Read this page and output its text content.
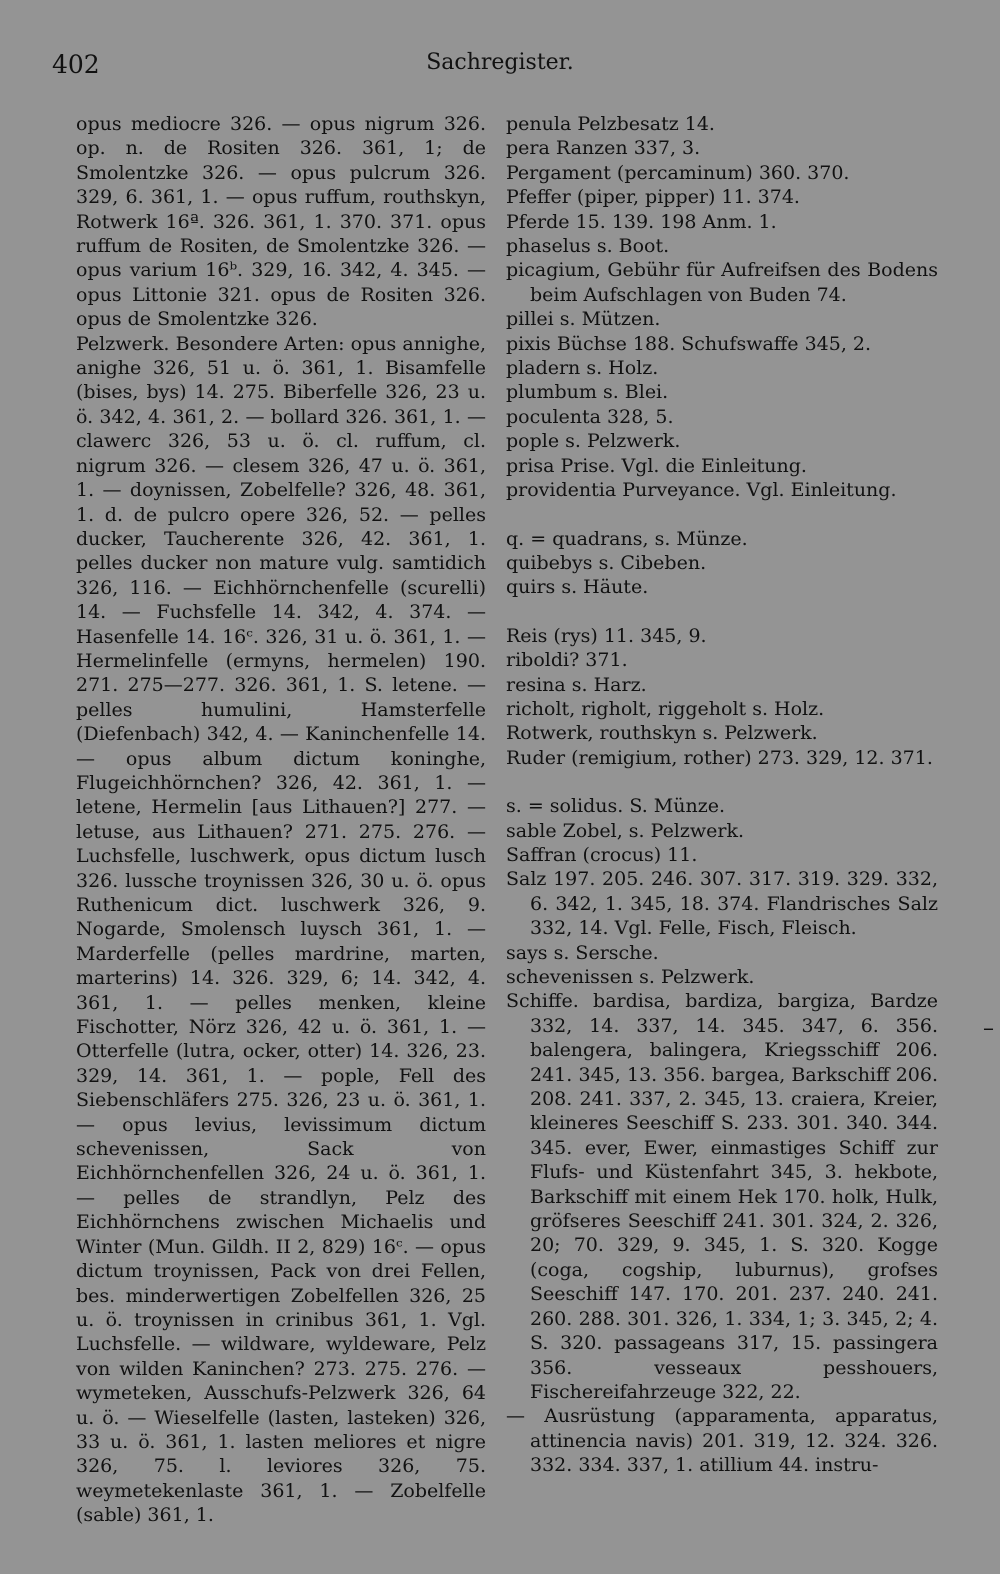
402	Sachregister.

opus mediocre 326. — opus nigrum 326. op. n. de Rositen 326. 361, 1; de Smolentzke 326. — opus pulcrum 326. 329, 6. 361, 1. — opus ruffum, routhskyn, Rotwerk 16ª. 326. 361, 1. 370. 371. opus ruffum de Rositen, de Smolentzke 326. — opus varium 16ᵇ. 329, 16. 342, 4. 345. — opus Littonie 321. opus de Rositen 326. opus de Smolentzke 326.

Pelzwerk. Besondere Arten: opus annighe, anighe 326, 51 u. ö. 361, 1. Bisamfelle (bises, bys) 14. 275. Biberfelle 326, 23 u. ö. 342, 4. 361, 2. — bollard 326. 361, 1. — clawerc 326, 53 u. ö. cl. ruffum, cl. nigrum 326. — clesem 326, 47 u. ö. 361, 1. — doynissen, Zobelfelle? 326, 48. 361, 1. d. de pulcro opere 326, 52. — pelles ducker, Taucherente 326, 42. 361, 1. pelles ducker non mature vulg. samtidich 326, 116. — Eichhörnchenfelle (scurelli) 14. — Fuchsfelle 14. 342, 4. 374. — Hasenfelle 14. 16ᶜ. 326, 31 u. ö. 361, 1. — Hermelinfelle (ermyns, hermelen) 190. 271. 275—277. 326. 361, 1. S. letene. — pelles humulini, Hamsterfelle (Diefenbach) 342, 4. — Kaninchenfelle 14. — opus album dictum koninghe, Flugeichhörnchen? 326, 42. 361, 1. — letene, Hermelin [aus Lithauen?] 277. — letuse, aus Lithauen? 271. 275. 276. — Luchsfelle, luschwerk, opus dictum lusch 326. lussche troynissen 326, 30 u. ö. opus Ruthenicum dict. luschwerk 326, 9. Nogarde, Smolensch luysch 361, 1. — Marderfelle (pelles mardrine, marten, marterins) 14. 326. 329, 6; 14. 342, 4. 361, 1. — pelles menken, kleine Fischotter, Nörz 326, 42 u. ö. 361, 1. — Otterfelle (lutra, ocker, otter) 14. 326, 23. 329, 14. 361, 1. — pople, Fell des Siebenschläfers 275. 326, 23 u. ö. 361, 1. — opus levius, levissimum dictum schevenissen, Sack von Eichhörnchenfellen 326, 24 u. ö. 361, 1. — pelles de strandlyn, Pelz des Eichhörnchens zwischen Michaelis und Winter (Mun. Gildh. II 2, 829) 16ᶜ. — opus dictum troynissen, Pack von drei Fellen, bes. minderwertigen Zobelfellen 326, 25 u. ö. troynissen in crinibus 361, 1. Vgl. Luchsfelle. — wildware, wyldeware, Pelz von wilden Kaninchen? 273. 275. 276. — wymeteken, Ausschufs-Pelzwerk 326, 64 u. ö. — Wieselfelle (lasten, lasteken) 326, 33 u. ö. 361, 1. lasten meliores et nigre 326, 75. l. leviores 326, 75. weymetekenlaste 361, 1. — Zobelfelle (sable) 361, 1.

penula Pelzbesatz 14.

pera Ranzen 337, 3.

Pergament (percaminum) 360. 370.

Pfeffer (piper, pipper) 11. 374.

Pferde 15. 139. 198 Anm. 1.

phaselus s. Boot.

picagium, Gebühr für Aufreifsen des Bodens beim Aufschlagen von Buden 74.

pillei s. Mützen.

pixis Büchse 188. Schufswaffe 345, 2.

pladern s. Holz.

plumbum s. Blei.

poculenta 328, 5.

pople s. Pelzwerk.

prisa Prise. Vgl. die Einleitung.

providentia Purveyance. Vgl. Einleitung.

q. = quadrans, s. Münze.

quibebys s. Cibeben.

quirs s. Häute.

Reis (rys) 11. 345, 9.

riboldi? 371.

resina s. Harz.

richolt, righolt, riggeholt s. Holz.

Rotwerk, routhskyn s. Pelzwerk.

Ruder (remigium, rother) 273. 329, 12. 371.

s. = solidus. S. Münze.

sable Zobel, s. Pelzwerk.

Saffran (crocus) 11.

Salz 197. 205. 246. 307. 317. 319. 329. 332, 6. 342, 1. 345, 18. 374. Flandrisches Salz 332, 14. Vgl. Felle, Fisch, Fleisch.

says s. Sersche.

schevenissen s. Pelzwerk.

Schiffe. bardisa, bardiza, bargiza, Bardze 332, 14. 337, 14. 345. 347, 6. 356. balengera, balingera, Kriegsschiff 206. 241. 345, 13. 356. bargea, Barkschiff 206. 208. 241. 337, 2. 345, 13. craiera, Kreier, kleineres Seeschiff S. 233. 301. 340. 344. 345. ever, Ewer, einmastiges Schiff zur Flufs- und Küstenfahrt 345, 3. hekbote, Barkschiff mit einem Hek 170. holk, Hulk, gröfseres Seeschiff 241. 301. 324, 2. 326, 20; 70. 329, 9. 345, 1. S. 320. Kogge (coga, cogship, luburnus), grofses Seeschiff 147. 170. 201. 237. 240. 241. 260. 288. 301. 326, 1. 334, 1; 3. 345, 2; 4. S. 320. passageans 317, 15. passingera 356. vesseaux pesshouers, Fischereifahrzeuge 322, 22.

— Ausrüstung (apparamenta, apparatus, attinencia navis) 201. 319, 12. 324. 326. 332. 334. 337, 1. atillium 44. instru-

–
